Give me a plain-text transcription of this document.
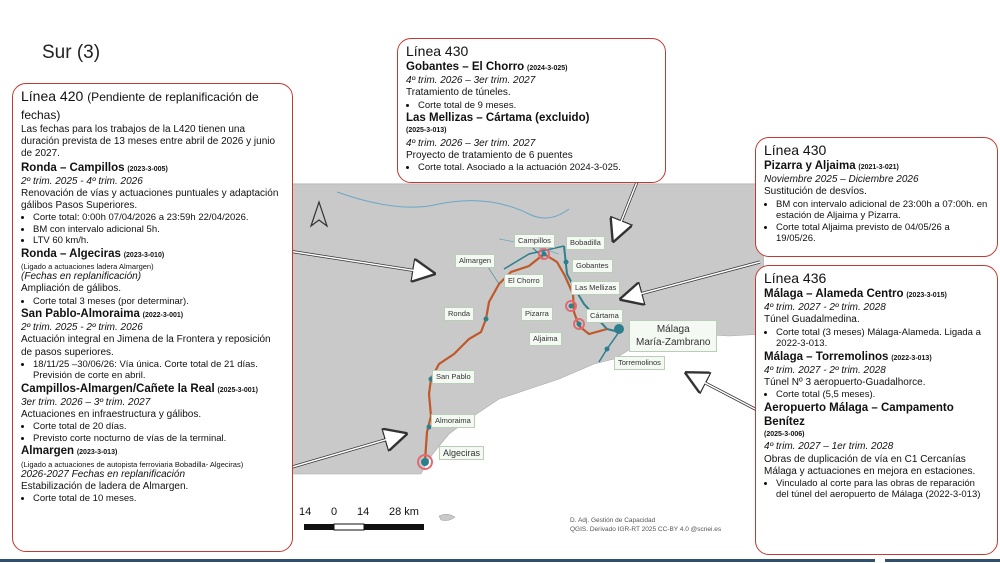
Sur (3)
Campillos	Bobadilla
Almargen
El Chorro
Gobantes
Las Mellizas
Ronda	Pizarra	Cártama
Aljaima
Málaga
María-Zambrano
Torremolinos
San Pablo
Almoraima
Algeciras
14 0 14 28 km
D. Adj. Gestión de Capacidad
QGIS. Derivado IGR-RT 2025 CC-BY 4.0 @scnei.es
Línea 420 (Pendiente de replanificación de fechas)
Las fechas para los trabajos de la L420 tienen una duración prevista de 13 meses entre abril de 2026 y junio de 2027.
Ronda – Campillos (2023-3-005)
2º trim. 2025 - 4º trim. 2026
Renovación de vías y actuaciones puntuales y adaptación gálibos Pasos Superiores.
• Corte total: 0:00h 07/04/2026 a 23:59h 22/04/2026.
• BM con intervalo adicional 5h.
• LTV 60 km/h.
Ronda – Algeciras (2023-3-010)
(Ligado a actuaciones ladera Almargen)
(Fechas en replanificación)
Ampliación de gálibos.
• Corte total 3 meses (por determinar).
San Pablo-Almoraima (2022-3-001)
2º trim. 2025 - 2º trim. 2026
Actuación integral en Jimena de la Frontera y reposición de pasos superiores.
• 18/11/25 –30/06/26: Vía única. Corte total de 21 días. Previsión de corte en abril.
Campillos-Almargen/Cañete la Real (2025-3-001)
3er trim. 2026 – 3º trim. 2027
Actuaciones en infraestructura y gálibos.
• Corte total de 20 días.
• Previsto corte nocturno de vías de la terminal.
Almargen (2023-3-013)
(Ligado a actuaciones de autopista ferroviaria Bobadilla- Algeciras)
2026-2027 Fechas en replanificación
Estabilización de ladera de Almargen.
• Corte total de 10 meses.
Línea 430
Gobantes – El Chorro (2024-3-025)
4º trim. 2026 – 3er trim. 2027
Tratamiento de túneles.
• Corte total de 9 meses.
Las Mellizas – Cártama (excluido)
(2025-3-013)
4º trim. 2026 – 3er trim. 2027
Proyecto de tratamiento de 6 puentes
• Corte total. Asociado a la actuación 2024-3-025.
Línea 430
Pizarra y Aljaima (2021-3-021)
Noviembre 2025 – Diciembre 2026
Sustitución de desvíos.
• BM con intervalo adicional de 23:00h a 07:00h. en estación de Aljaima y Pizarra.
• Corte total Aljaima previsto de 04/05/26 a 19/05/26.
Línea 436
Málaga – Alameda Centro (2023-3-015)
4º trim. 2027 - 2º trim. 2028
Túnel Guadalmedina.
• Corte total (3 meses) Málaga-Alameda. Ligada a 2022-3-013.
Málaga – Torremolinos (2022-3-013)
4º trim. 2027 - 2º trim. 2028
Túnel Nº 3 aeropuerto-Guadalhorce.
• Corte total (5,5 meses).
Aeropuerto Málaga – Campamento Benítez
(2025-3-006)
4º trim. 2027 – 1er trim. 2028
Obras de duplicación de vía en C1 Cercanías Málaga y actuaciones en mejora en estaciones.
• Vinculado al corte para las obras de reparación del túnel del aeropuerto de Málaga (2022-3-013)
